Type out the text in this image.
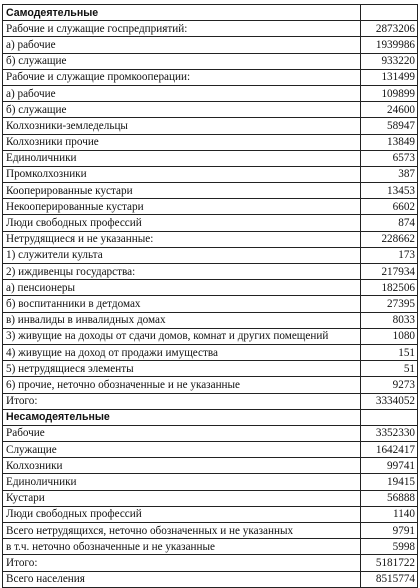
Самодеятельные	
Рабочие и служащие госпредприятий:	2873206
а) рабочие	1939986
б) служащие	933220
Рабочие и служащие промкооперации:	131499
а) рабочие	109899
б) служащие	24600
Колхозники-земледельцы	58947
Колхозники прочие	13849
Единоличники	6573
Промколхозники	387
Кооперированные кустари	13453
Некооперированные кустари	6602
Люди свободных профессий	874
Нетрудящиеся и не указанные:	228662
1) служители культа	173
2) иждивенцы государства:	217934
а) пенсионеры	182506
б) воспитанники в детдомах	27395
в) инвалиды в инвалидных домах	8033
3) живущие на доходы от сдачи домов, комнат и других помещений	1080
4) живущие на доход от продажи имущества	151
5) нетрудящиеся элементы	51
6) прочие, неточно обозначенные и не указанные	9273
Итого:	3334052
Несамодеятельные	
Рабочие	3352330
Служащие	1642417
Колхозники	99741
Единоличники	19415
Кустари	56888
Люди свободных профессий	1140
Всего нетрудящихся, неточно обозначенных и не указанных	9791
в т.ч. неточно обозначенные и не указанные	5998
Итого:	5181722
Всего населения	8515774
